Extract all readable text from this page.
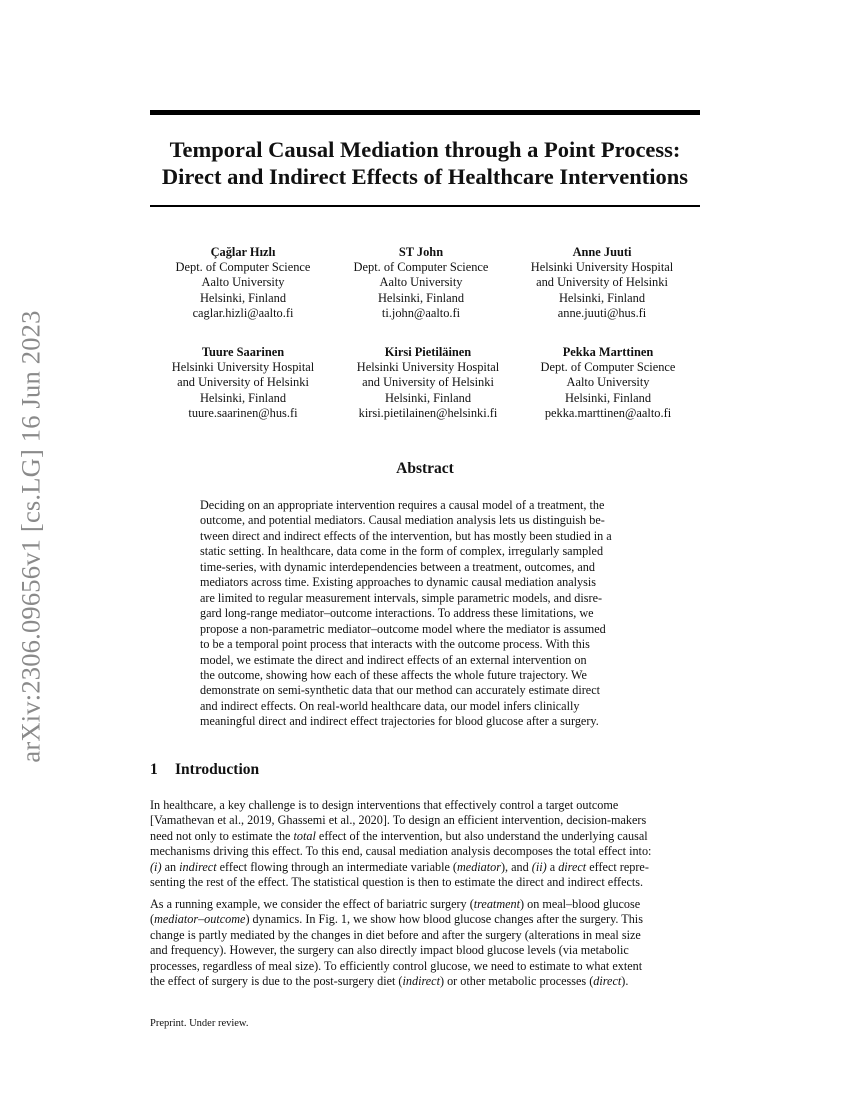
arXiv:2306.09656v1 [cs.LG] 16 Jun 2023
Temporal Causal Mediation through a Point Process:
Direct and Indirect Effects of Healthcare Interventions
Çağlar Hızlı
Dept. of Computer Science
Aalto University
Helsinki, Finland
caglar.hizli@aalto.fi
ST John
Dept. of Computer Science
Aalto University
Helsinki, Finland
ti.john@aalto.fi
Anne Juuti
Helsinki University Hospital
and University of Helsinki
Helsinki, Finland
anne.juuti@hus.fi
Tuure Saarinen
Helsinki University Hospital
and University of Helsinki
Helsinki, Finland
tuure.saarinen@hus.fi
Kirsi Pietiläinen
Helsinki University Hospital
and University of Helsinki
Helsinki, Finland
kirsi.pietilainen@helsinki.fi
Pekka Marttinen
Dept. of Computer Science
Aalto University
Helsinki, Finland
pekka.marttinen@aalto.fi
Abstract
Deciding on an appropriate intervention requires a causal model of a treatment, the
outcome, and potential mediators. Causal mediation analysis lets us distinguish be-
tween direct and indirect effects of the intervention, but has mostly been studied in a
static setting. In healthcare, data come in the form of complex, irregularly sampled
time-series, with dynamic interdependencies between a treatment, outcomes, and
mediators across time. Existing approaches to dynamic causal mediation analysis
are limited to regular measurement intervals, simple parametric models, and disre-
gard long-range mediator–outcome interactions. To address these limitations, we
propose a non-parametric mediator–outcome model where the mediator is assumed
to be a temporal point process that interacts with the outcome process. With this
model, we estimate the direct and indirect effects of an external intervention on
the outcome, showing how each of these affects the whole future trajectory. We
demonstrate on semi-synthetic data that our method can accurately estimate direct
and indirect effects. On real-world healthcare data, our model infers clinically
meaningful direct and indirect effect trajectories for blood glucose after a surgery.
1 Introduction
In healthcare, a key challenge is to design interventions that effectively control a target outcome
[Vamathevan et al., 2019, Ghassemi et al., 2020]. To design an efficient intervention, decision-makers
need not only to estimate the total effect of the intervention, but also understand the underlying causal
mechanisms driving this effect. To this end, causal mediation analysis decomposes the total effect into:
(i) an indirect effect flowing through an intermediate variable (mediator), and (ii) a direct effect repre-
senting the rest of the effect. The statistical question is then to estimate the direct and indirect effects.
As a running example, we consider the effect of bariatric surgery (treatment) on meal–blood glucose
(mediator–outcome) dynamics. In Fig. 1, we show how blood glucose changes after the surgery. This
change is partly mediated by the changes in diet before and after the surgery (alterations in meal size
and frequency). However, the surgery can also directly impact blood glucose levels (via metabolic
processes, regardless of meal size). To efficiently control glucose, we need to estimate to what extent
the effect of surgery is due to the post-surgery diet (indirect) or other metabolic processes (direct).
Preprint. Under review.
